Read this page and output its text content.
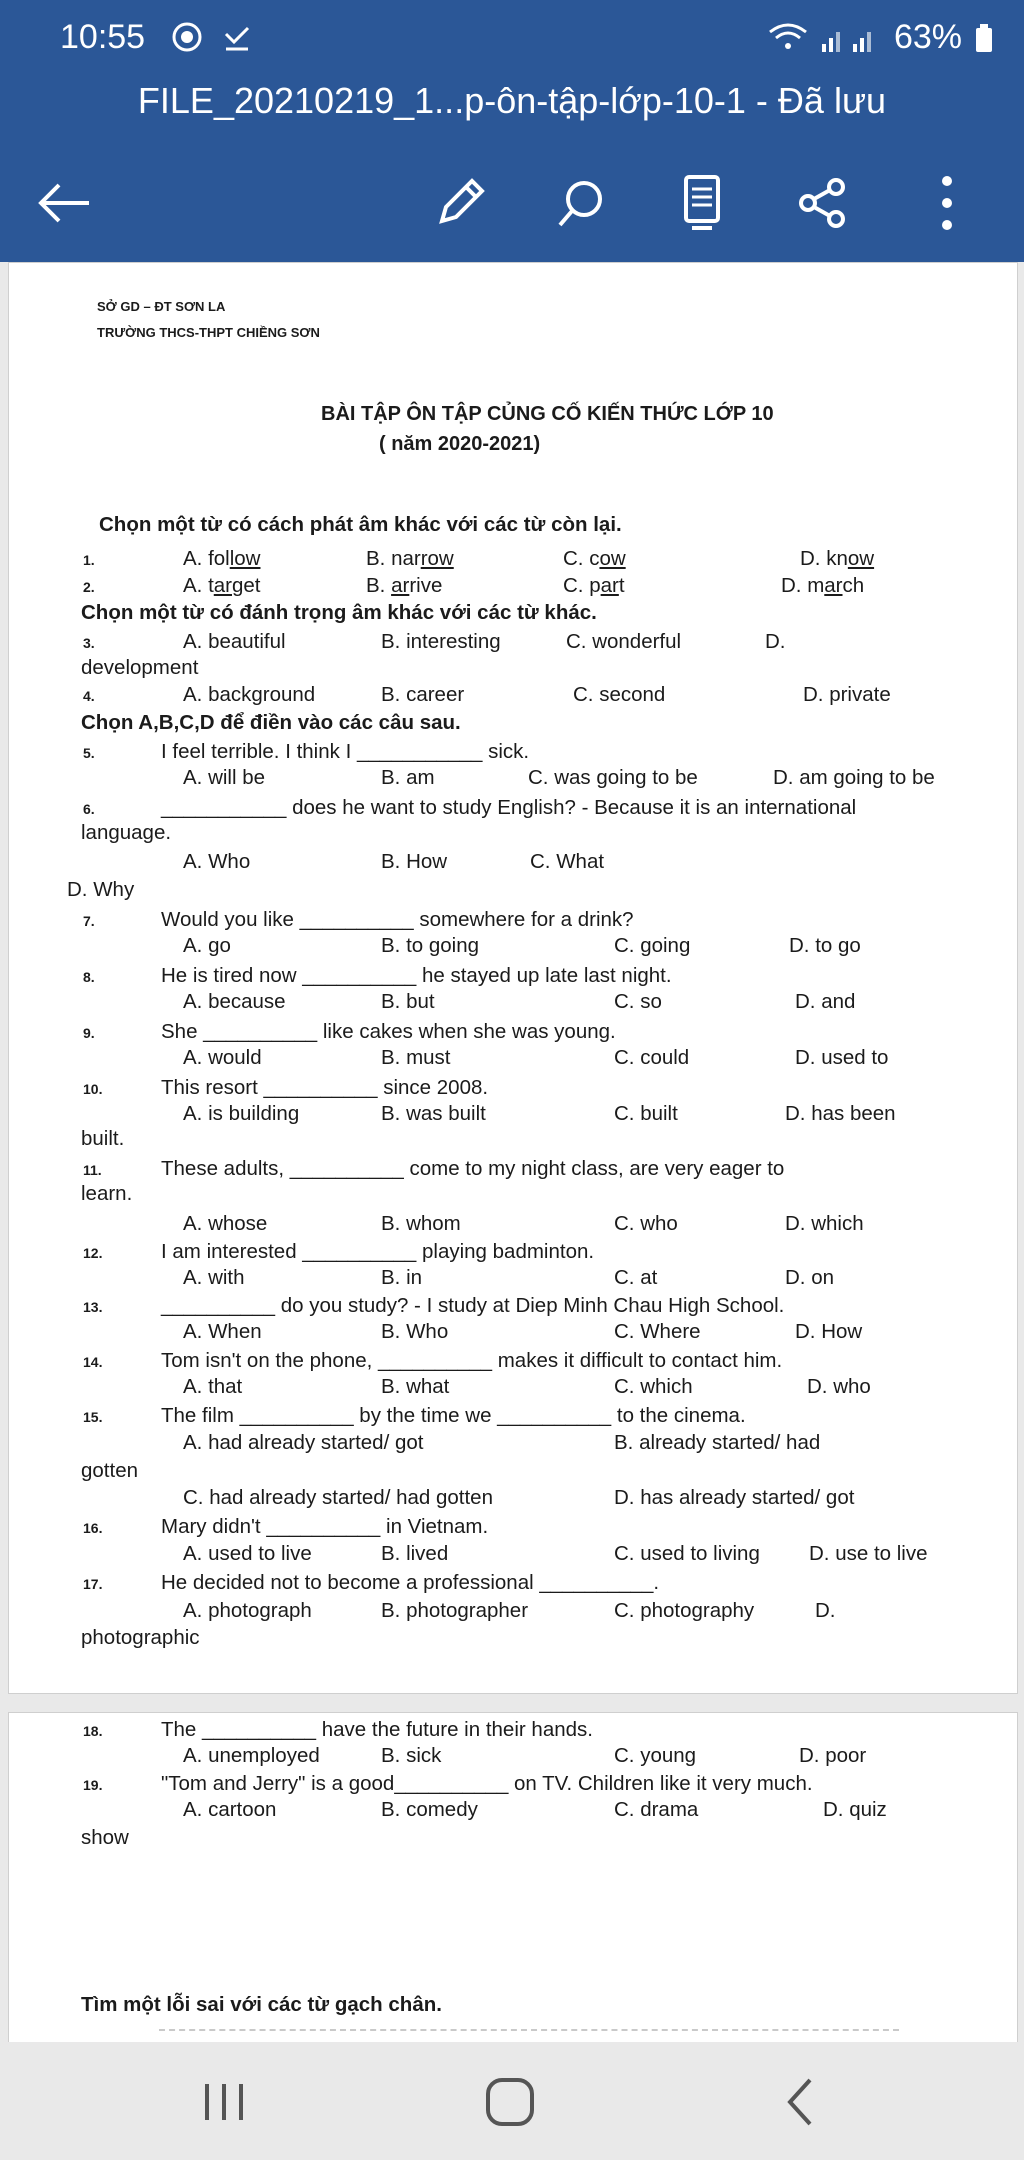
10:55	63%
FILE_20210219_1...p-ôn-tập-lớp-10-1 - Đã lưu
SỞ GD – ĐT SƠN LA
TRƯỜNG THCS-THPT CHIỀNG SƠN
BÀI TẬP ÔN TẬP CỦNG CỐ KIẾN THỨC LỚP 10
( năm 2020-2021)
Chọn một từ có cách phát âm khác với các từ còn lại.
1.	A. follow	B. narrow	C. cow	D. know
2.	A. target	B. arrive	C. part	D. march
Chọn một từ có đánh trọng âm khác với các từ khác.
3.	A. beautiful	B. interesting	C. wonderful	D.
development
4.	A. background	B. career	C. second	D. private
Chọn A,B,C,D để điền vào các câu sau.
5.	I feel terrible. I think I ___________ sick.
A. will be	B. am	C. was going to be	D. am going to be
6.	___________ does he want to study English? - Because it is an international
language.
A. Who	B. How	C. What
D. Why
7.	Would you like __________ somewhere for a drink?
A. go	B. to going	C. going	D. to go
8.	He is tired now __________ he stayed up late last night.
A. because	B. but	C. so	D. and
9.	She __________ like cakes when she was young.
A. would	B. must	C. could	D. used to
10.	This resort __________ since 2008.
A. is building	B. was built	C. built	D. has been
built.
11.	These adults, __________ come to my night class, are very eager to
learn.
A. whose	B. whom	C. who	D. which
12.	I am interested __________ playing badminton.
A. with	B. in	C. at	D. on
13.	__________ do you study? - I study at Diep Minh Chau High School.
A. When	B. Who	C. Where	D. How
14.	Tom isn't on the phone, __________ makes it difficult to contact him.
A. that	B. what	C. which	D. who
15.	The film __________ by the time we __________ to the cinema.
A. had already started/ got	B. already started/ had
gotten
C. had already started/ had gotten	D. has already started/ got
16.	Mary didn't __________ in Vietnam.
A. used to live	B. lived	C. used to living D. use to live
17.	He decided not to become a professional __________.
A. photograph	B. photographer	C. photography	D.
photographic
18.	The __________ have the future in their hands.
A. unemployed	B. sick	C. young	D. poor
19.	"Tom and Jerry" is a good__________ on TV. Children like it very much.
A. cartoon	B. comedy	C. drama	D. quiz
show
Tìm một lỗi sai với các từ gạch chân.
